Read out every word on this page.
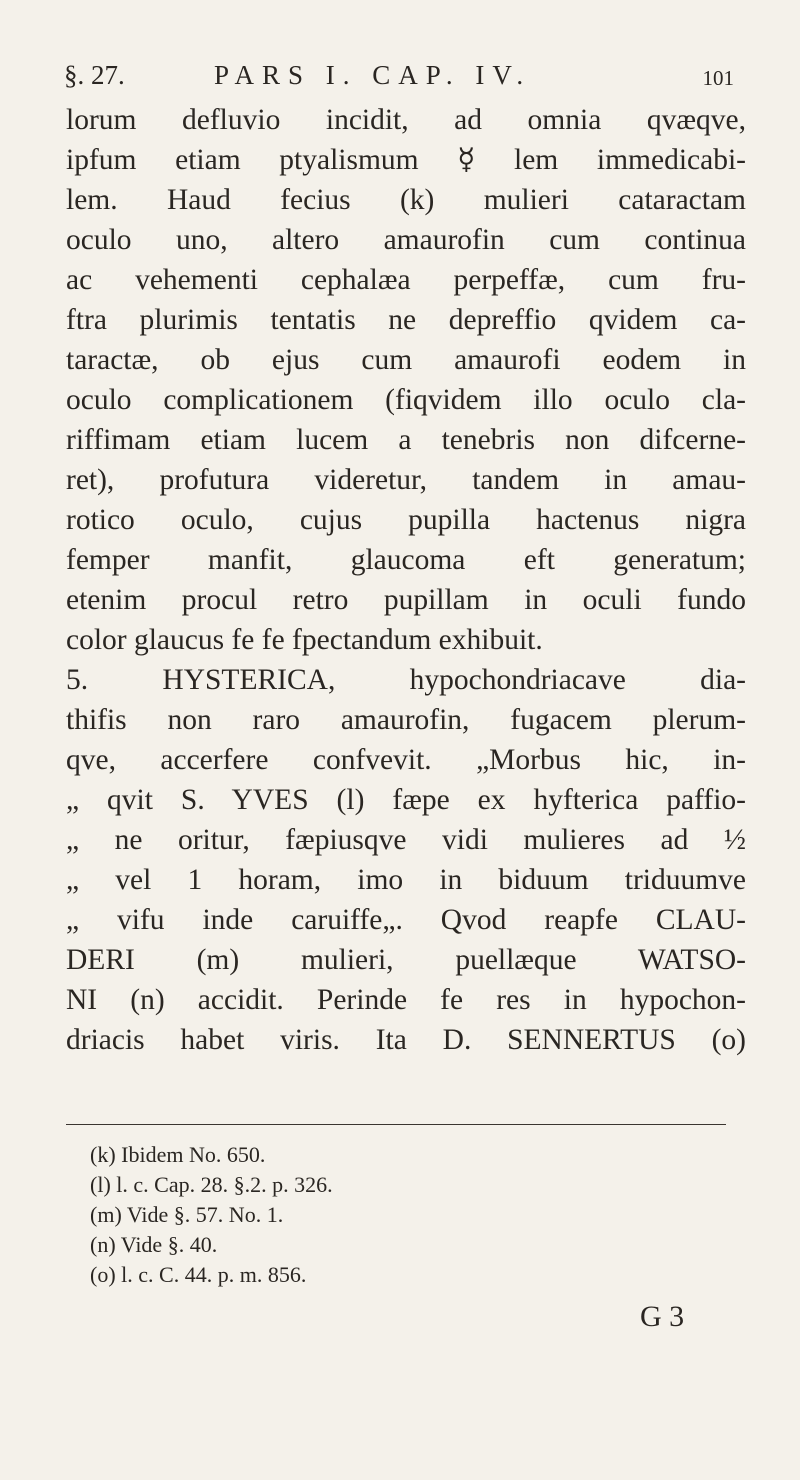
§. 27.	PARS I. CAP. IV.	101
lorum defluvio incidit, ad omnia qvæqve,
ipfum etiam ptyalismum ☿ lem immedicabi-
lem. Haud fecius (k) mulieri cataractam
oculo uno, altero amaurofin cum continua
ac vehementi cephalæa perpeffæ, cum fru-
ftra plurimis tentatis ne depreffio qvidem ca-
taractæ, ob ejus cum amaurofi eodem in
oculo complicationem (fiqvidem illo oculo cla-
riffimam etiam lucem a tenebris non difcerne-
ret), profutura videretur, tandem in amau-
rotico oculo, cujus pupilla hactenus nigra
femper manfit, glaucoma eft generatum;
etenim procul retro pupillam in oculi fundo
color glaucus fe fe fpectandum exhibuit.
5. HYSTERICA, hypochondriacave dia-
thifis non raro amaurofin, fugacem plerum-
qve, accerfere confvevit. „Morbus hic, in-
„ qvit S. YVES (l) fæpe ex hyfterica paffio-
„ ne oritur, fæpiusqve vidi mulieres ad ½
„ vel 1 horam, imo in biduum triduumve
„ vifu inde caruiffe„. Qvod reapfe CLAU-
DERI (m) mulieri, puellæque WATSO-
NI (n) accidit. Perinde fe res in hypochon-
driacis habet viris. Ita D. SENNERTUS (o)
(k) Ibidem No. 650.
(l) l. c. Cap. 28. §.2. p. 326.
(m) Vide §. 57. No. 1.
(n) Vide §. 40.
(o) l. c. C. 44. p. m. 856.
G 3
